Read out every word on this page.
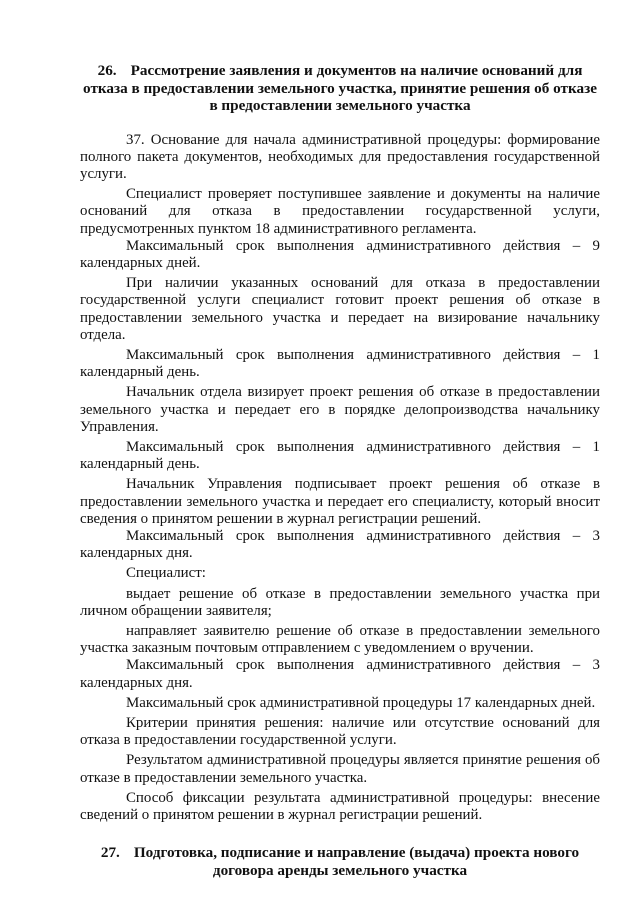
26. Рассмотрение заявления и документов на наличие оснований для отказа в предоставлении земельного участка, принятие решения об отказе в предоставлении земельного участка

37. Основание для начала административной процедуры: формирование полного пакета документов, необходимых для предоставления государственной услуги.

Специалист проверяет поступившее заявление и документы на наличие оснований для отказа в предоставлении государственной услуги, предусмотренных пунктом 18 административного регламента.

Максимальный срок выполнения административного действия – 9 календарных дней.

При наличии указанных оснований для отказа в предоставлении государственной услуги специалист готовит проект решения об отказе в предоставлении земельного участка и передает на визирование начальнику отдела.

Максимальный срок выполнения административного действия – 1 календарный день.

Начальник отдела визирует проект решения об отказе в предоставлении земельного участка и передает его в порядке делопроизводства начальнику Управления.

Максимальный срок выполнения административного действия – 1 календарный день.

Начальник Управления подписывает проект решения об отказе в предоставлении земельного участка и передает его специалисту, который вносит сведения о принятом решении в журнал регистрации решений.

Максимальный срок выполнения административного действия – 3 календарных дня.

Специалист:

выдает решение об отказе в предоставлении земельного участка при личном обращении заявителя;

направляет заявителю решение об отказе в предоставлении земельного участка заказным почтовым отправлением с уведомлением о вручении.

Максимальный срок выполнения административного действия – 3 календарных дня.

Максимальный срок административной процедуры 17 календарных дней.

Критерии принятия решения: наличие или отсутствие оснований для отказа в предоставлении государственной услуги.

Результатом административной процедуры является принятие решения об отказе в предоставлении земельного участка.

Способ фиксации результата административной процедуры: внесение сведений о принятом решении в журнал регистрации решений.

27. Подготовка, подписание и направление (выдача) проекта нового договора аренды земельного участка
